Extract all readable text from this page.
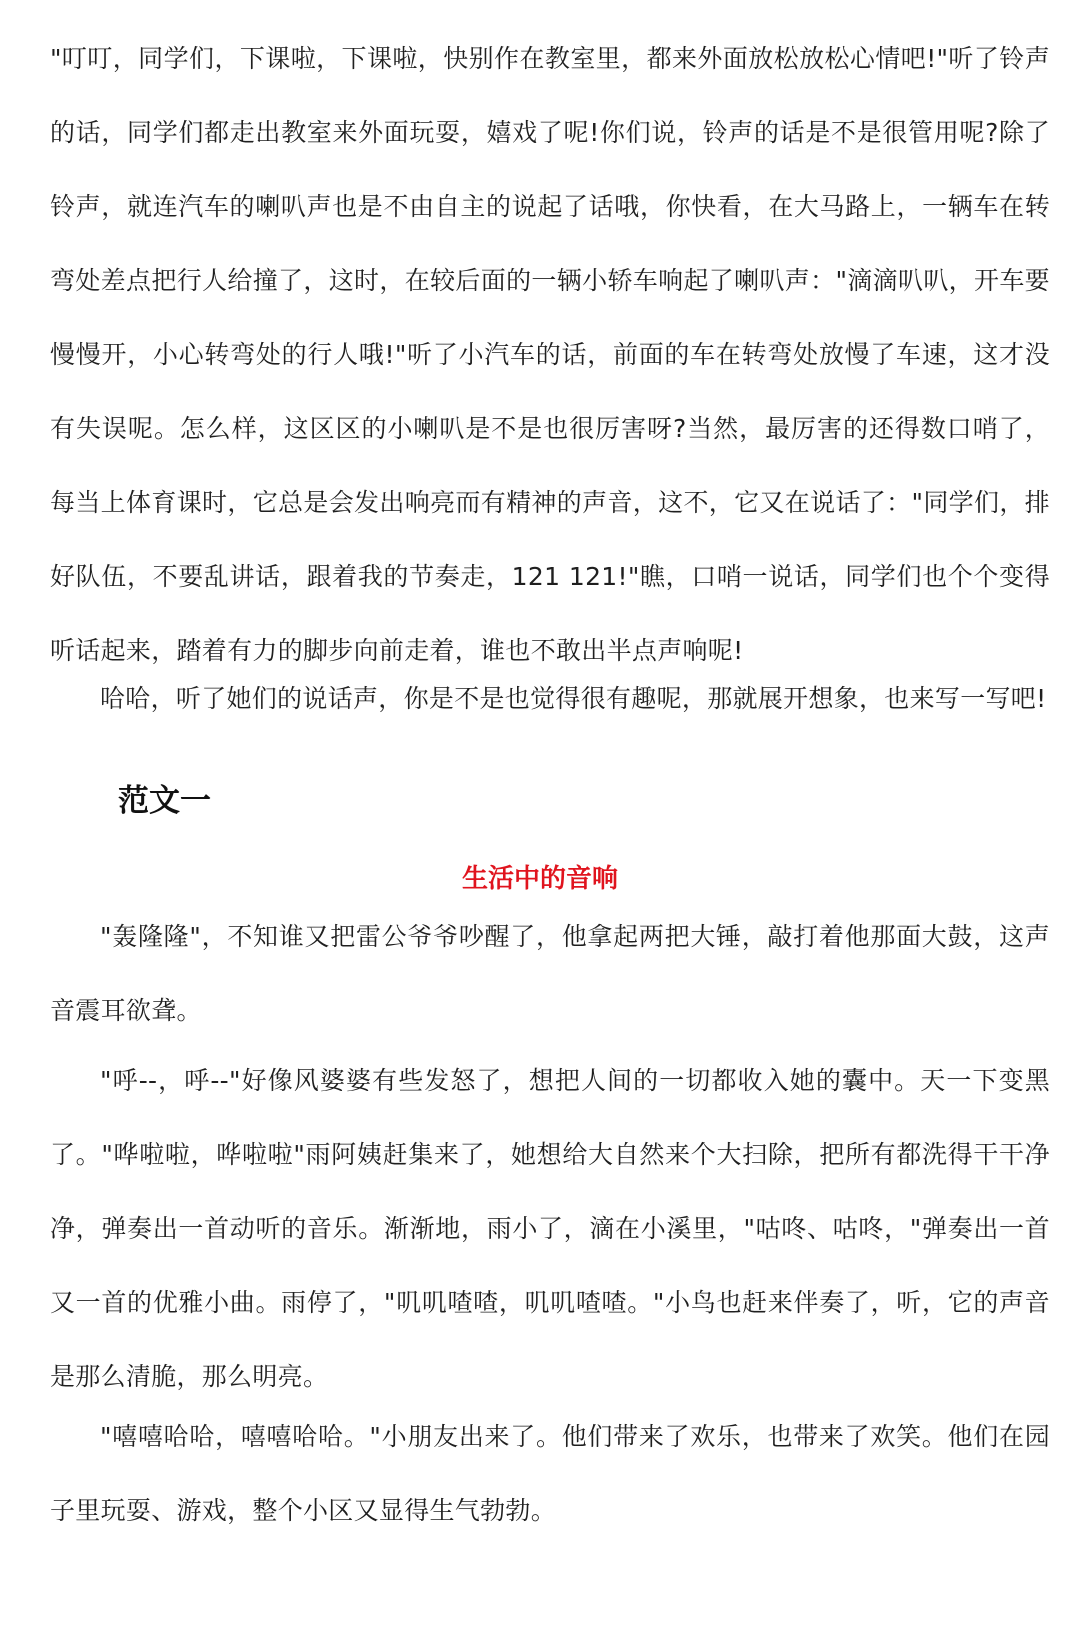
"叮叮，同学们，下课啦，下课啦，快别作在教室里，都来外面放松放松心情吧!"听了铃声的话，同学们都走出教室来外面玩耍，嬉戏了呢!你们说，铃声的话是不是很管用呢?除了铃声，就连汽车的喇叭声也是不由自主的说起了话哦，你快看，在大马路上，一辆车在转弯处差点把行人给撞了，这时，在较后面的一辆小轿车响起了喇叭声："滴滴叭叭，开车要慢慢开，小心转弯处的行人哦!"听了小汽车的话，前面的车在转弯处放慢了车速，这才没有失误呢。怎么样，这区区的小喇叭是不是也很厉害呀?当然，最厉害的还得数口哨了，每当上体育课时，它总是会发出响亮而有精神的声音，这不，它又在说话了："同学们，排好队伍，不要乱讲话，跟着我的节奏走，121 121!"瞧，口哨一说话，同学们也个个变得听话起来，踏着有力的脚步向前走着，谁也不敢出半点声响呢!

哈哈，听了她们的说话声，你是不是也觉得很有趣呢，那就展开想象，也来写一写吧!

范文一
生活中的音响

"轰隆隆"，不知谁又把雷公爷爷吵醒了，他拿起两把大锤，敲打着他那面大鼓，这声音震耳欲聋。

"呼--，呼--"好像风婆婆有些发怒了，想把人间的一切都收入她的囊中。天一下变黑了。"哗啦啦，哗啦啦"雨阿姨赶集来了，她想给大自然来个大扫除，把所有都洗得干干净净，弹奏出一首动听的音乐。渐渐地，雨小了，滴在小溪里，"咕咚、咕咚，"弹奏出一首又一首的优雅小曲。雨停了，"叽叽喳喳，叽叽喳喳。"小鸟也赶来伴奏了，听，它的声音是那么清脆，那么明亮。

"嘻嘻哈哈，嘻嘻哈哈。"小朋友出来了。他们带来了欢乐，也带来了欢笑。他们在园子里玩耍、游戏，整个小区又显得生气勃勃。
